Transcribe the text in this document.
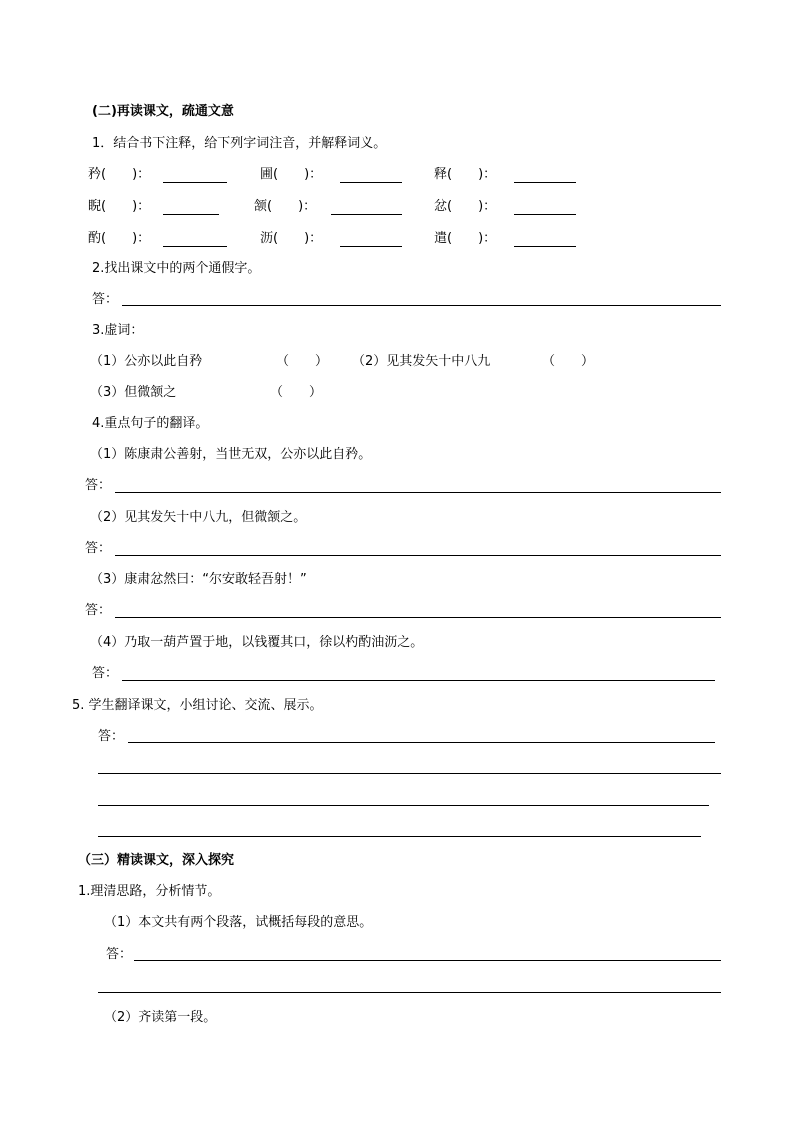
(二)再读课文，疏通文意
1．结合书下注释，给下列字词注音，并解释词义。
矜 (　　) ：	圃 (　　) ：	释 (　　) ：
睨 (　　) ：	颔 (　　) ：	忿 (　　) ：
酌 (　　) ：	沥 (　　) ：	遣 (　　) ：
2.找出课文中的两个通假字。
答：
3.虚词：
（1）公亦以此自矜	（　　） （2）见其发矢十中八九	（　　）
（3）但微颔之	（　　）
4.重点句子的翻译。
（1）陈康肃公善射，当世无双，公亦以此自矜。
答：
（2）见其发矢十中八九，但微颔之。
答：
（3）康肃忿然曰：“尔安敢轻吾射！”
答：
（4）乃取一葫芦置于地，以钱覆其口，徐以杓酌油沥之。
答：
5. 学生翻译课文，小组讨论、交流、展示。
答：
（三）精读课文，深入探究
1.理清思路，分析情节。
（1）本文共有两个段落，试概括每段的意思。
答：
（2）齐读第一段。
